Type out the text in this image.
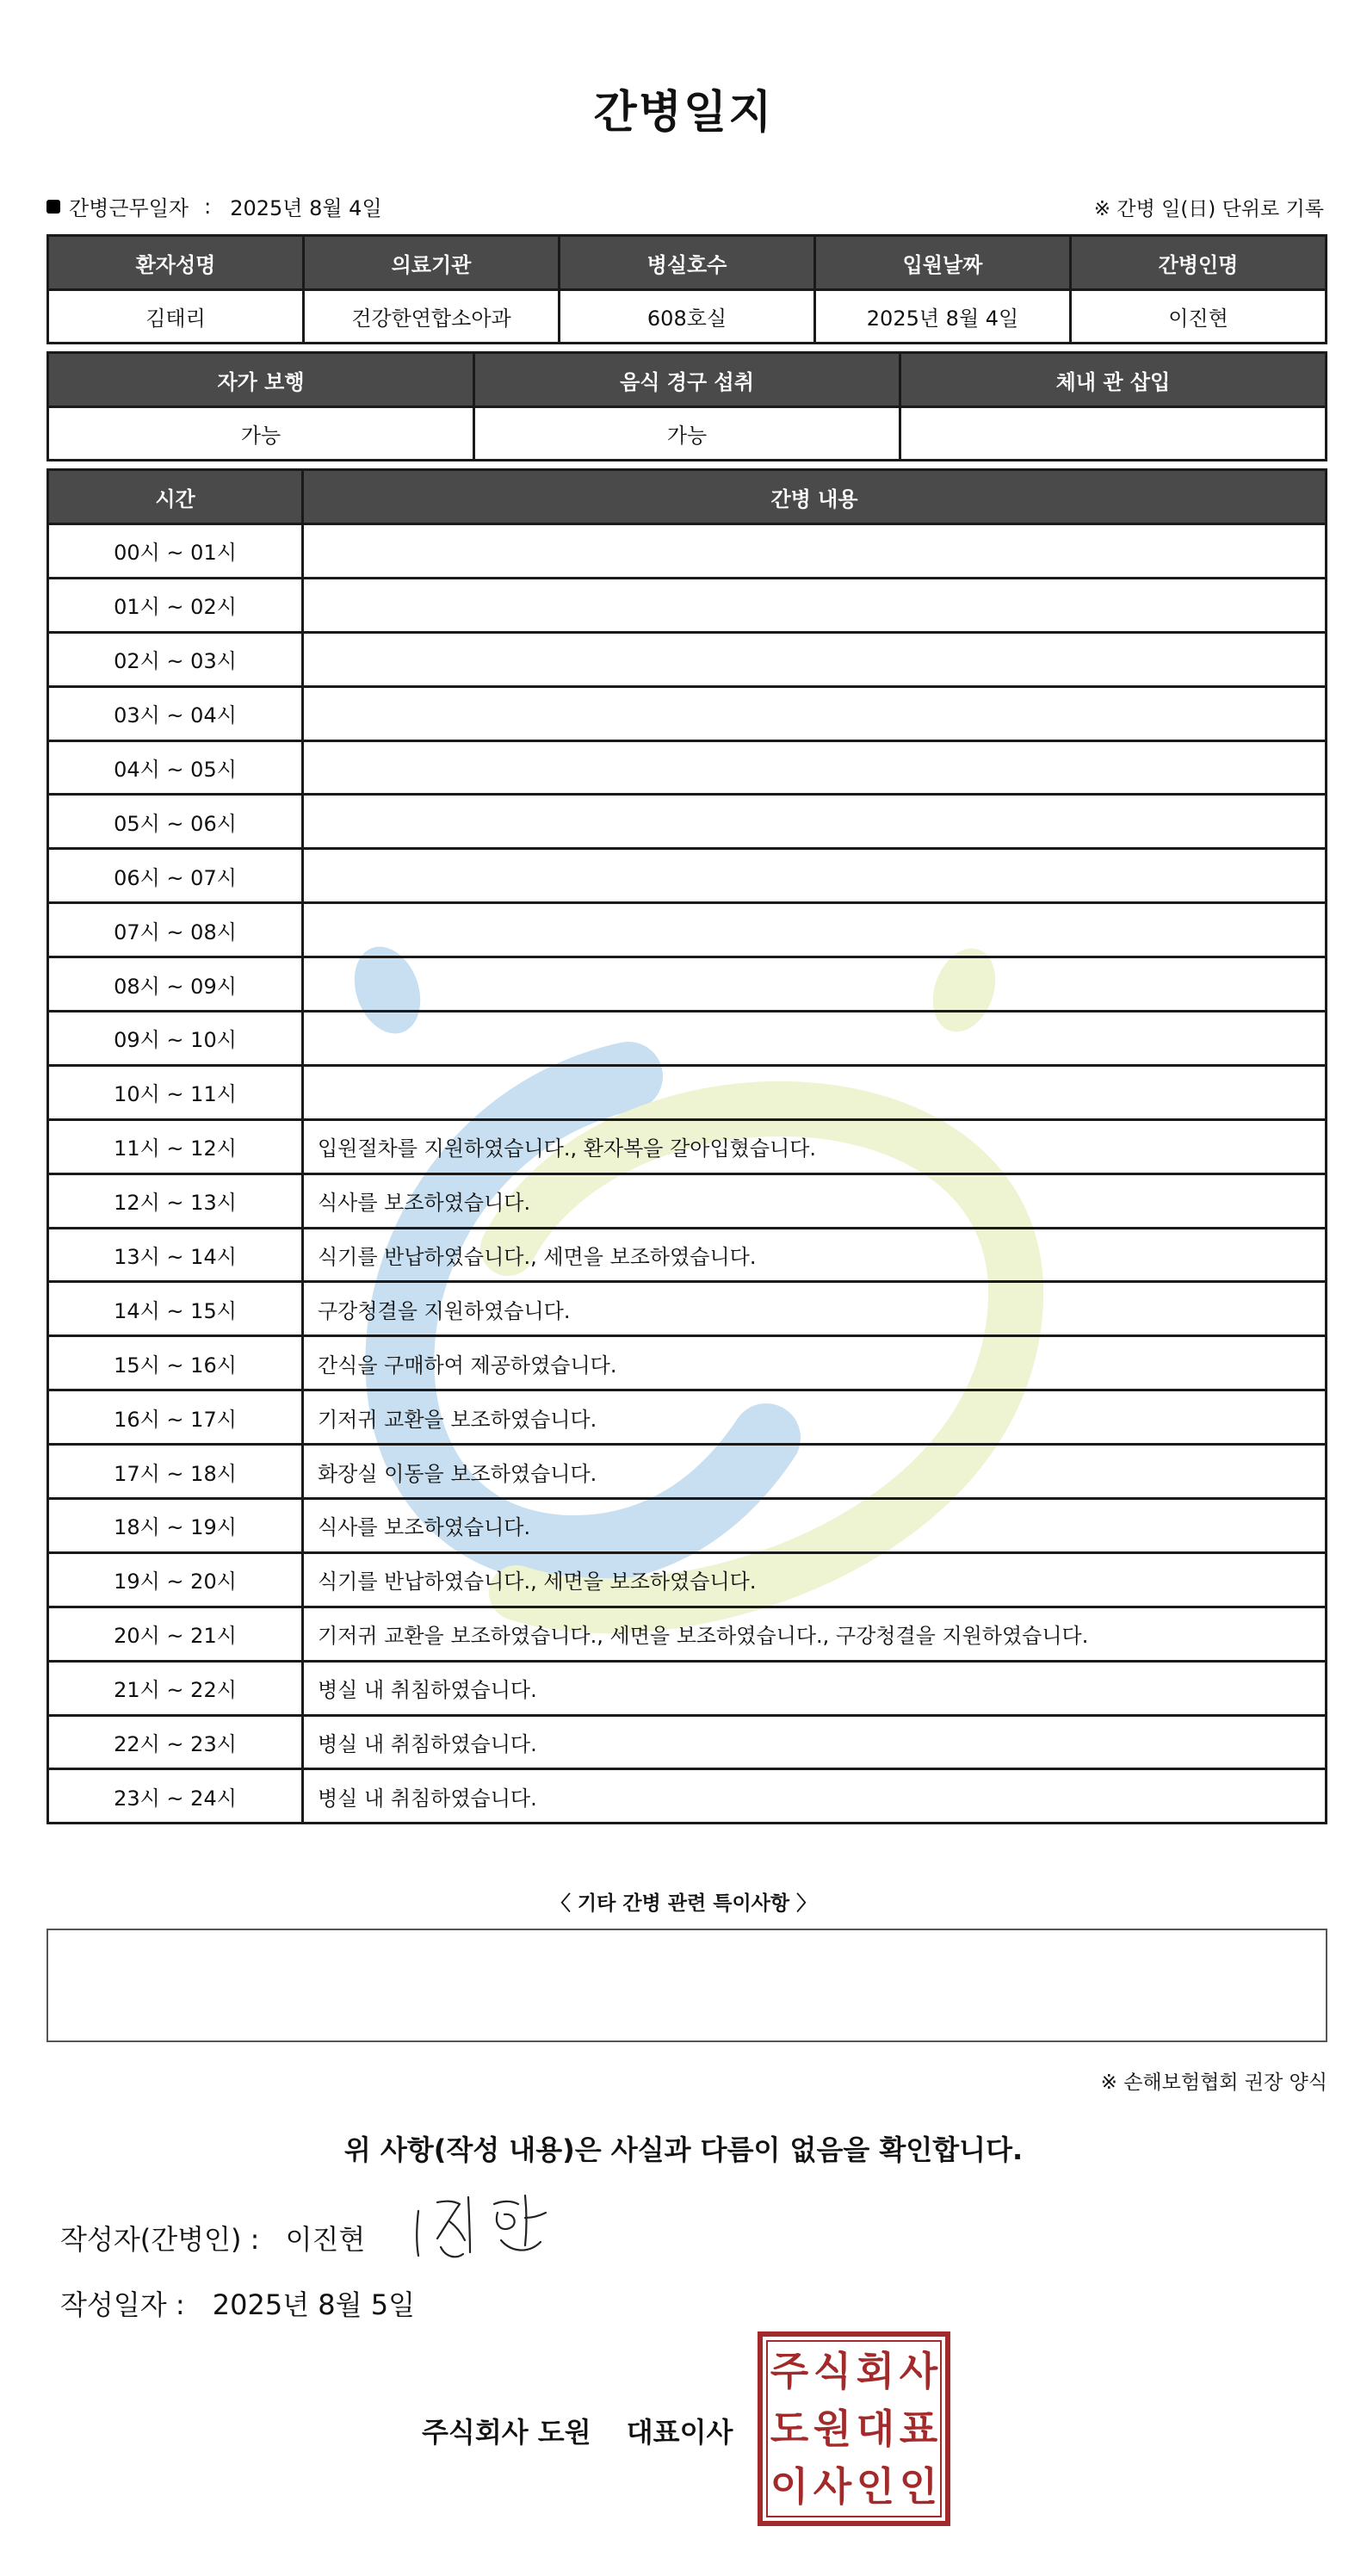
간병일지
간병근무일자 : 2025년 8월 4일	※ 간병 일(日) 단위로 기록
환자성명	의료기관	병실호수	입원날짜	간병인명
김태리	건강한연합소아과	608호실	2025년 8월 4일	이진현
자가 보행	음식 경구 섭취	체내 관 삽입
가능	가능	
시간	간병 내용
00시 ~ 01시	
01시 ~ 02시	
02시 ~ 03시	
03시 ~ 04시	
04시 ~ 05시	
05시 ~ 06시	
06시 ~ 07시	
07시 ~ 08시	
08시 ~ 09시	
09시 ~ 10시	
10시 ~ 11시	
11시 ~ 12시	입원절차를 지원하였습니다., 환자복을 갈아입혔습니다.
12시 ~ 13시	식사를 보조하였습니다.
13시 ~ 14시	식기를 반납하였습니다., 세면을 보조하였습니다.
14시 ~ 15시	구강청결을 지원하였습니다.
15시 ~ 16시	간식을 구매하여 제공하였습니다.
16시 ~ 17시	기저귀 교환을 보조하였습니다.
17시 ~ 18시	화장실 이동을 보조하였습니다.
18시 ~ 19시	식사를 보조하였습니다.
19시 ~ 20시	식기를 반납하였습니다., 세면을 보조하였습니다.
20시 ~ 21시	기저귀 교환을 보조하였습니다., 세면을 보조하였습니다., 구강청결을 지원하였습니다.
21시 ~ 22시	병실 내 취침하였습니다.
22시 ~ 23시	병실 내 취침하였습니다.
23시 ~ 24시	병실 내 취침하였습니다.
〈 기타 간병 관련 특이사항 〉
※ 손해보험협회 권장 양식
위 사항(작성 내용)은 사실과 다름이 없음을 확인합니다.
작성자(간병인) : 이진현
작성일자 : 2025년 8월 5일
주식회사 도원 대표이사
주 식 회 사
도 원 대 표
이 사 인 인
